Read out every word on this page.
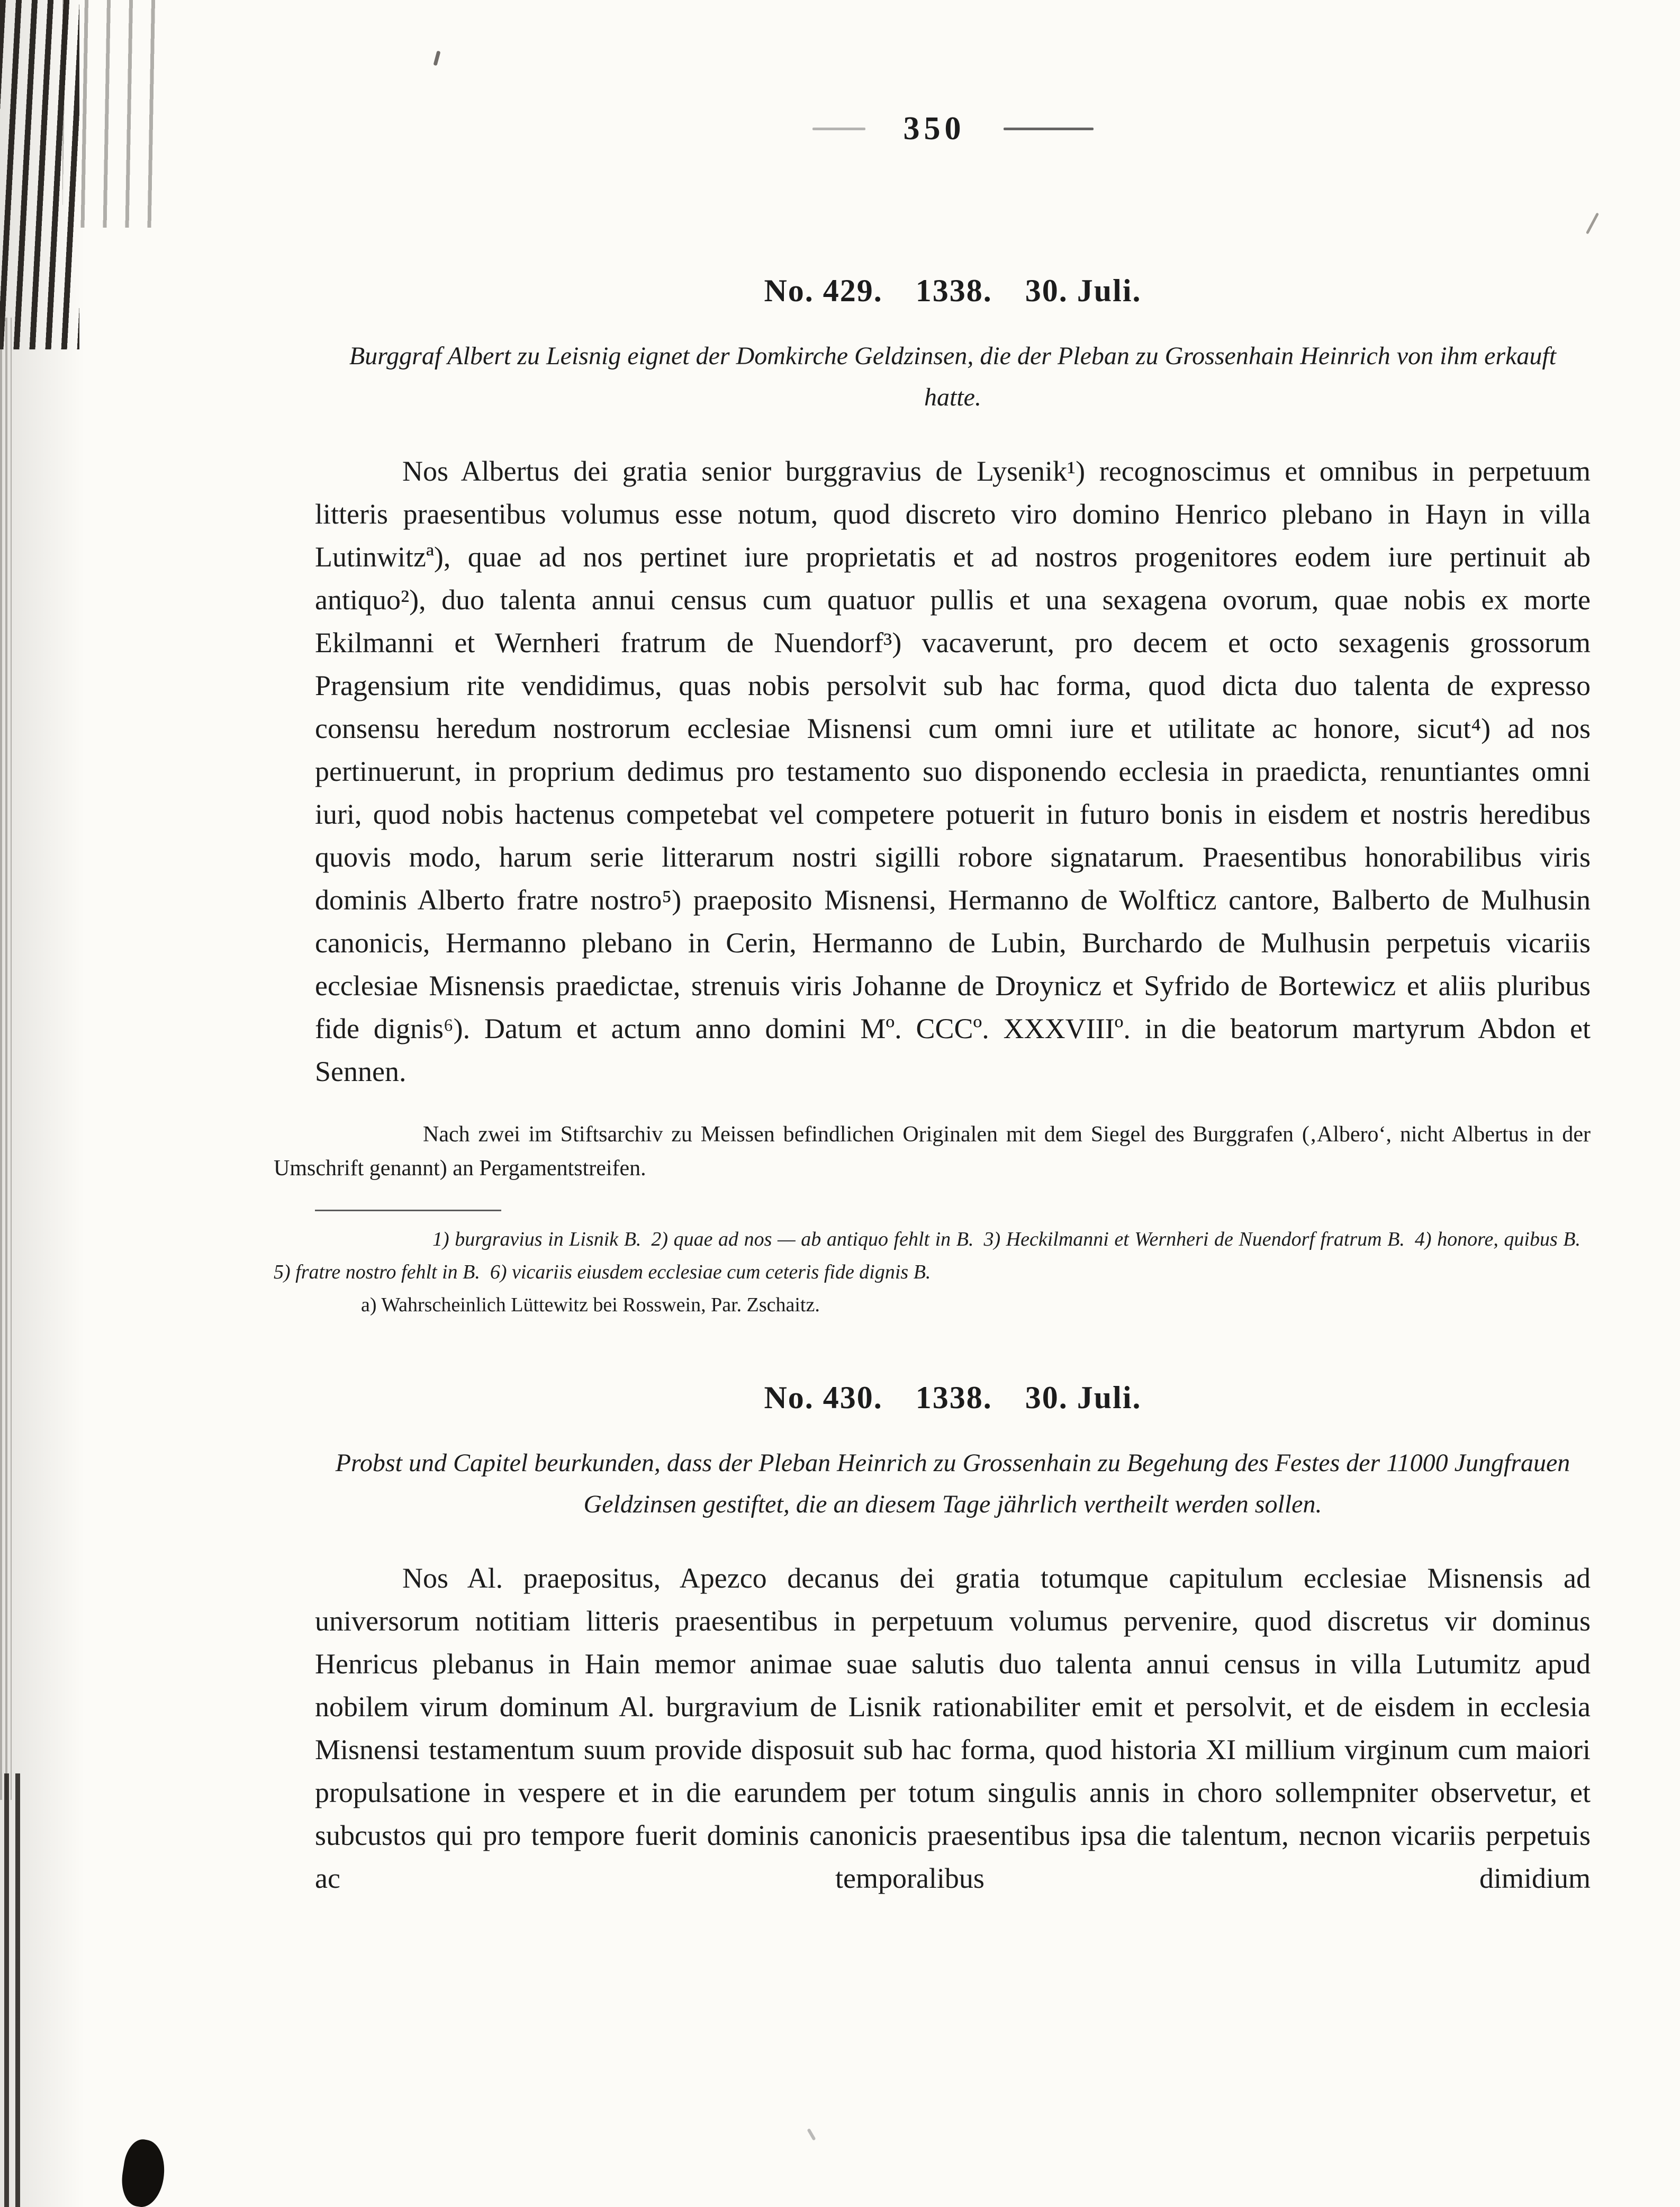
350
No. 429. 1338. 30. Juli.

Burggraf Albert zu Leisnig eignet der Domkirche Geldzinsen, die der Pleban zu Grossenhain Heinrich von ihm erkauft hatte.

Nos Albertus dei gratia senior burggravius de Lysenik¹) recognoscimus et omnibus in perpetuum litteris praesentibus volumus esse notum, quod discreto viro domino Henrico plebano in Hayn in villa Lutinwitzª), quae ad nos pertinet iure proprietatis et ad nostros progenitores eodem iure pertinuit ab antiquo²), duo talenta annui census cum quatuor pullis et una sexagena ovorum, quae nobis ex morte Ekilmanni et Wernheri fratrum de Nuendorf³) vacaverunt, pro decem et octo sexagenis grossorum Pragensium rite vendidimus, quas nobis persolvit sub hac forma, quod dicta duo talenta de expresso consensu heredum nostrorum ecclesiae Misnensi cum omni iure et utilitate ac honore, sicut⁴) ad nos pertinuerunt, in proprium dedimus pro testamento suo disponendo ecclesia in praedicta, renuntiantes omni iuri, quod nobis hactenus competebat vel competere potuerit in futuro bonis in eisdem et nostris heredibus quovis modo, harum serie litterarum nostri sigilli robore signatarum. Praesentibus honorabilibus viris dominis Alberto fratre nostro⁵) praeposito Misnensi, Hermanno de Wolfticz cantore, Balberto de Mulhusin canonicis, Hermanno plebano in Cerin, Hermanno de Lubin, Burchardo de Mulhusin perpetuis vicariis ecclesiae Misnensis praedictae, strenuis viris Johanne de Droynicz et Syfrido de Bortewicz et aliis pluribus fide dignis⁶). Datum et actum anno domini Mº. CCCº. XXXVIIIº. in die beatorum martyrum Abdon et Sennen.

Nach zwei im Stiftsarchiv zu Meissen befindlichen Originalen mit dem Siegel des Burggrafen (‚Albero‘, nicht Albertus in der Umschrift genannt) an Pergamentstreifen.

1) burgravius in Lisnik B. 2) quae ad nos — ab antiquo fehlt in B. 3) Heckilmanni et Wernheri de Nuendorf fratrum B. 4) honore, quibus B. 5) fratre nostro fehlt in B. 6) vicariis eiusdem ecclesiae cum ceteris fide dignis B.

a) Wahrscheinlich Lüttewitz bei Rosswein, Par. Zschaitz.

No. 430. 1338. 30. Juli.

Probst und Capitel beurkunden, dass der Pleban Heinrich zu Grossenhain zu Begehung des Festes der 11000 Jungfrauen Geldzinsen gestiftet, die an diesem Tage jährlich vertheilt werden sollen.

Nos Al. praepositus, Apezco decanus dei gratia totumque capitulum ecclesiae Misnensis ad universorum notitiam litteris praesentibus in perpetuum volumus pervenire, quod discretus vir dominus Henricus plebanus in Hain memor animae suae salutis duo talenta annui census in villa Lutumitz apud nobilem virum dominum Al. burgravium de Lisnik rationabiliter emit et persolvit, et de eisdem in ecclesia Misnensi testamentum suum provide disposuit sub hac forma, quod historia XI millium virginum cum maiori propulsatione in vespere et in die earundem per totum singulis annis in choro sollempniter observetur, et subcustos qui pro tempore fuerit dominis canonicis praesentibus ipsa die talentum, necnon vicariis perpetuis ac temporalibus dimidium
